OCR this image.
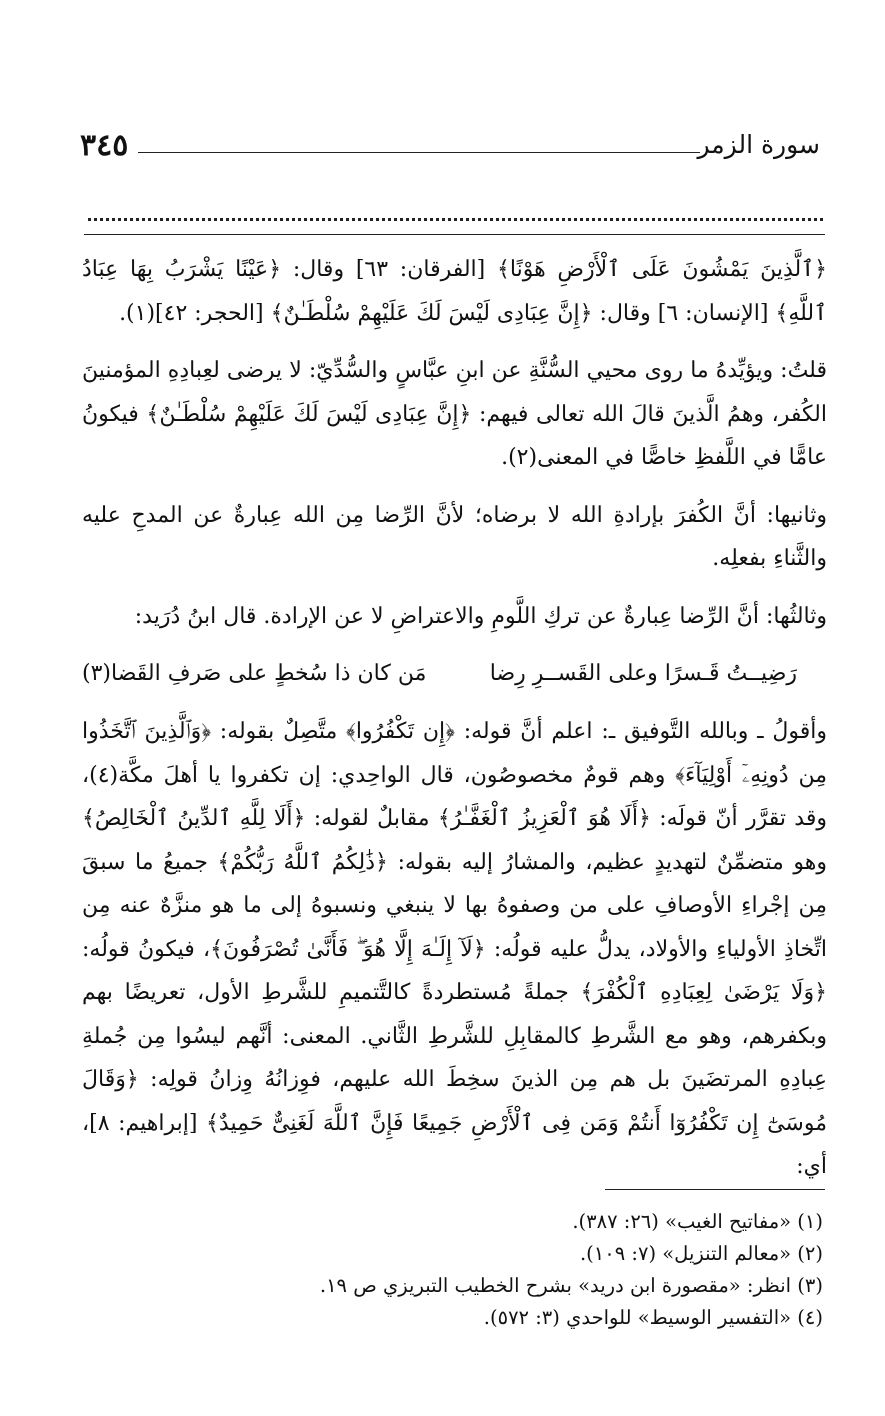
٣٤٥	سورة الزمر

﴿ٱلَّذِينَ يَمْشُونَ عَلَى ٱلْأَرْضِ هَوْنًا﴾ [الفرقان: ٦٣] وقال: ﴿عَيْنًا يَشْرَبُ بِهَا عِبَادُ ٱللَّهِ﴾ [الإنسان: ٦] وقال: ﴿إِنَّ عِبَادِى لَيْسَ لَكَ عَلَيْهِمْ سُلْطَـٰنٌ﴾ [الحجر: ٤٢](١).

قلتُ: ويؤيِّدهُ ما روى محيي السُّنَّةِ عن ابنِ عبَّاسٍ والسُّدِّيّ: لا يرضى لعِبادِهِ المؤمنينَ الكُفر، وهمُ الَّذينَ قالَ الله تعالى فيهم: ﴿إِنَّ عِبَادِى لَيْسَ لَكَ عَلَيْهِمْ سُلْطَـٰنٌ﴾ فيكونُ عامًّا في اللَّفظِ خاصًّا في المعنى(٢).

وثانيها: أنَّ الكُفرَ بإرادةِ الله لا برضاه؛ لأنَّ الرِّضا مِن الله عِبارةٌ عن المدحِ عليه والثَّناءِ بفعلِه.

وثالثُها: أنَّ الرِّضا عِبارةٌ عن تركِ اللَّومِ والاعتراضِ لا عن الإرادة. قال ابنُ دُرَيد:

رَضِيــتُ قَـسرًا وعلى القَســرِ رِضا
مَن كان ذا سُخطٍ على صَرفِ القَضا(٣)

وأقولُ ـ وبالله التَّوفيق ـ: اعلم أنَّ قوله: ﴿إِن تَكْفُرُوا﴾ متَّصِلٌ بقوله: ﴿وَٱلَّذِينَ ٱتَّخَذُوا مِن دُونِهِۦٓ أَوْلِيَآءَ﴾ وهم قومٌ مخصوصُون، قال الواحِدي: إن تكفروا يا أهلَ مكَّة(٤)، وقد تقرَّر أنّ قولَه: ﴿أَلَا هُوَ ٱلْعَزِيزُ ٱلْغَفَّـٰرُ﴾ مقابلٌ لقوله: ﴿أَلَا لِلَّهِ ٱلدِّينُ ٱلْخَالِصُ﴾ وهو متضمِّنٌ لتهديدٍ عظيم، والمشارُ إليه بقوله: ﴿ذَٰلِكُمُ ٱللَّهُ رَبُّكُمْ﴾ جميعُ ما سبقَ مِن إجْراءِ الأوصافِ على من وصفوهُ بها لا ينبغي ونسبوهُ إلى ما هو منزَّهٌ عنه مِن اتِّخاذِ الأولياءِ والأولاد، يدلُّ عليه قولُه: ﴿لَآ إِلَـٰهَ إِلَّا هُوَ ۖ فَأَنَّىٰ تُصْرَفُونَ﴾، فيكونُ قولُه: ﴿وَلَا يَرْضَىٰ لِعِبَادِهِ ٱلْكُفْرَ﴾ جملةً مُستطردةً كالتَّتميمِ للشَّرطِ الأول، تعريضًا بهم وبكفرهم، وهو مع الشَّرطِ كالمقابِلِ للشَّرطِ الثَّاني. المعنى: أنَّهم ليسُوا مِن جُملةِ عِبادِهِ المرتضَينَ بل هم مِن الذينَ سخِطَ الله عليهم، فوِزانُهُ وِزانُ قولِه: ﴿وَقَالَ مُوسَىٰٓ إِن تَكْفُرُوٓا أَنتُمْ وَمَن فِى ٱلْأَرْضِ جَمِيعًا فَإِنَّ ٱللَّهَ لَغَنِىٌّ حَمِيدٌ﴾ [إبراهيم: ٨]، أي:

(١) «مفاتيح الغيب» (٢٦: ٣٨٧).
(٢) «معالم التنزيل» (٧: ١٠٩).
(٣) انظر: «مقصورة ابن دريد» بشرح الخطيب التبريزي ص ١٩.
(٤) «التفسير الوسيط» للواحدي (٣: ٥٧٢).
